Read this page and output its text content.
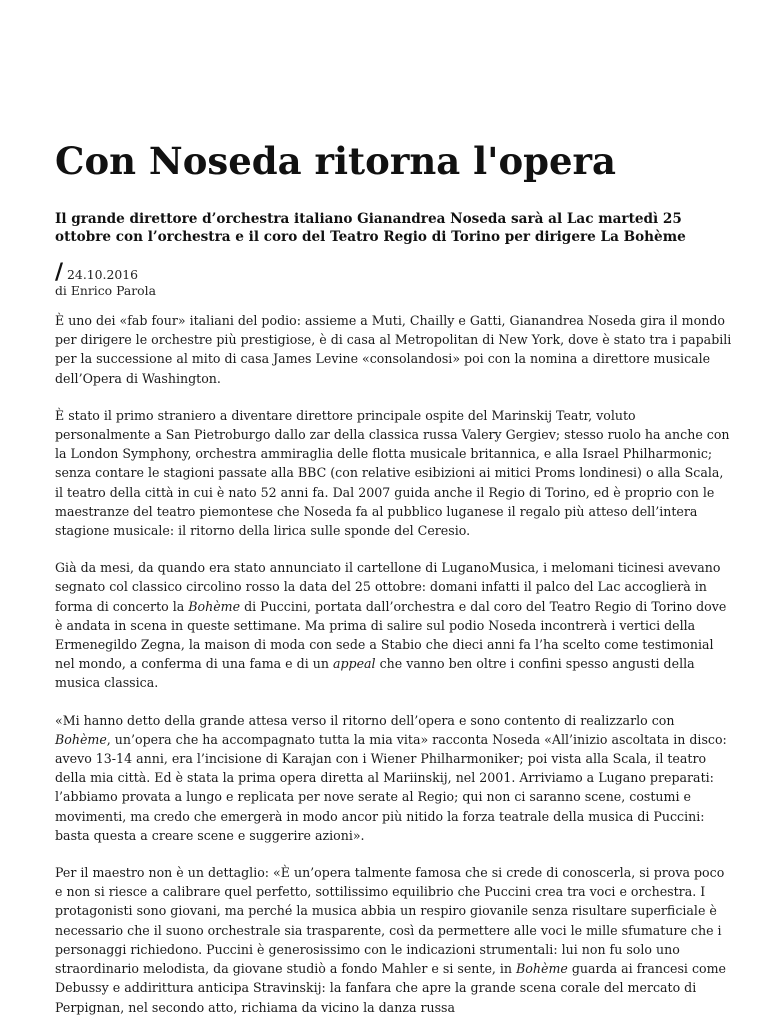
Con Noseda ritorna l'opera
Il grande direttore d’orchestra italiano Gianandrea Noseda sarà al Lac martedì 25 ottobre con l’orchestra e il coro del Teatro Regio di Torino per dirigere La Bohème
/ 24.10.2016
di Enrico Parola

È uno dei «fab four» italiani del podio: assieme a Muti, Chailly e Gatti, Gianandrea Noseda gira il mondo per dirigere le orchestre più prestigiose, è di casa al Metropolitan di New York, dove è stato tra i papabili per la successione al mito di casa James Levine «consolandosi» poi con la nomina a direttore musicale dell’Opera di Washington.

È stato il primo straniero a diventare direttore principale ospite del Marinskij Teatr, voluto personalmente a San Pietroburgo dallo zar della classica russa Valery Gergiev; stesso ruolo ha anche con la London Symphony, orchestra ammiraglia delle flotta musicale britannica, e alla Israel Philharmonic; senza contare le stagioni passate alla BBC (con relative esibizioni ai mitici Proms londinesi) o alla Scala, il teatro della città in cui è nato 52 anni fa. Dal 2007 guida anche il Regio di Torino, ed è proprio con le maestranze del teatro piemontese che Noseda fa al pubblico luganese il regalo più atteso dell’intera stagione musicale: il ritorno della lirica sulle sponde del Ceresio.

Già da mesi, da quando era stato annunciato il cartellone di LuganoMusica, i melomani ticinesi avevano segnato col classico circolino rosso la data del 25 ottobre: domani infatti il palco del Lac accoglierà in forma di concerto la Bohème di Puccini, portata dall’orchestra e dal coro del Teatro Regio di Torino dove è andata in scena in queste settimane. Ma prima di salire sul podio Noseda incontrerà i vertici della Ermenegildo Zegna, la maison di moda con sede a Stabio che dieci anni fa l’ha scelto come testimonial nel mondo, a conferma di una fama e di un appeal che vanno ben oltre i confini spesso angusti della musica classica.

«Mi hanno detto della grande attesa verso il ritorno dell’opera e sono contento di realizzarlo con Bohème, un’opera che ha accompagnato tutta la mia vita» racconta Noseda «All’inizio ascoltata in disco: avevo 13-14 anni, era l’incisione di Karajan con i Wiener Philharmoniker; poi vista alla Scala, il teatro della mia città. Ed è stata la prima opera diretta al Mariinskij, nel 2001. Arriviamo a Lugano preparati: l’abbiamo provata a lungo e replicata per nove serate al Regio; qui non ci saranno scene, costumi e movimenti, ma credo che emergerà in modo ancor più nitido la forza teatrale della musica di Puccini: basta questa a creare scene e suggerire azioni».

Per il maestro non è un dettaglio: «È un’opera talmente famosa che si crede di conoscerla, si prova poco e non si riesce a calibrare quel perfetto, sottilissimo equilibrio che Puccini crea tra voci e orchestra. I protagonisti sono giovani, ma perché la musica abbia un respiro giovanile senza risultare superficiale è necessario che il suono orchestrale sia trasparente, così da permettere alle voci le mille sfumature che i personaggi richiedono. Puccini è generosissimo con le indicazioni strumentali: lui non fu solo uno straordinario melodista, da giovane studiò a fondo Mahler e si sente, in Bohème guarda ai francesi come Debussy e addirittura anticipa Stravinskij: la fanfara che apre la grande scena corale del mercato di Perpignan, nel secondo atto, richiama da vicino la danza russa
